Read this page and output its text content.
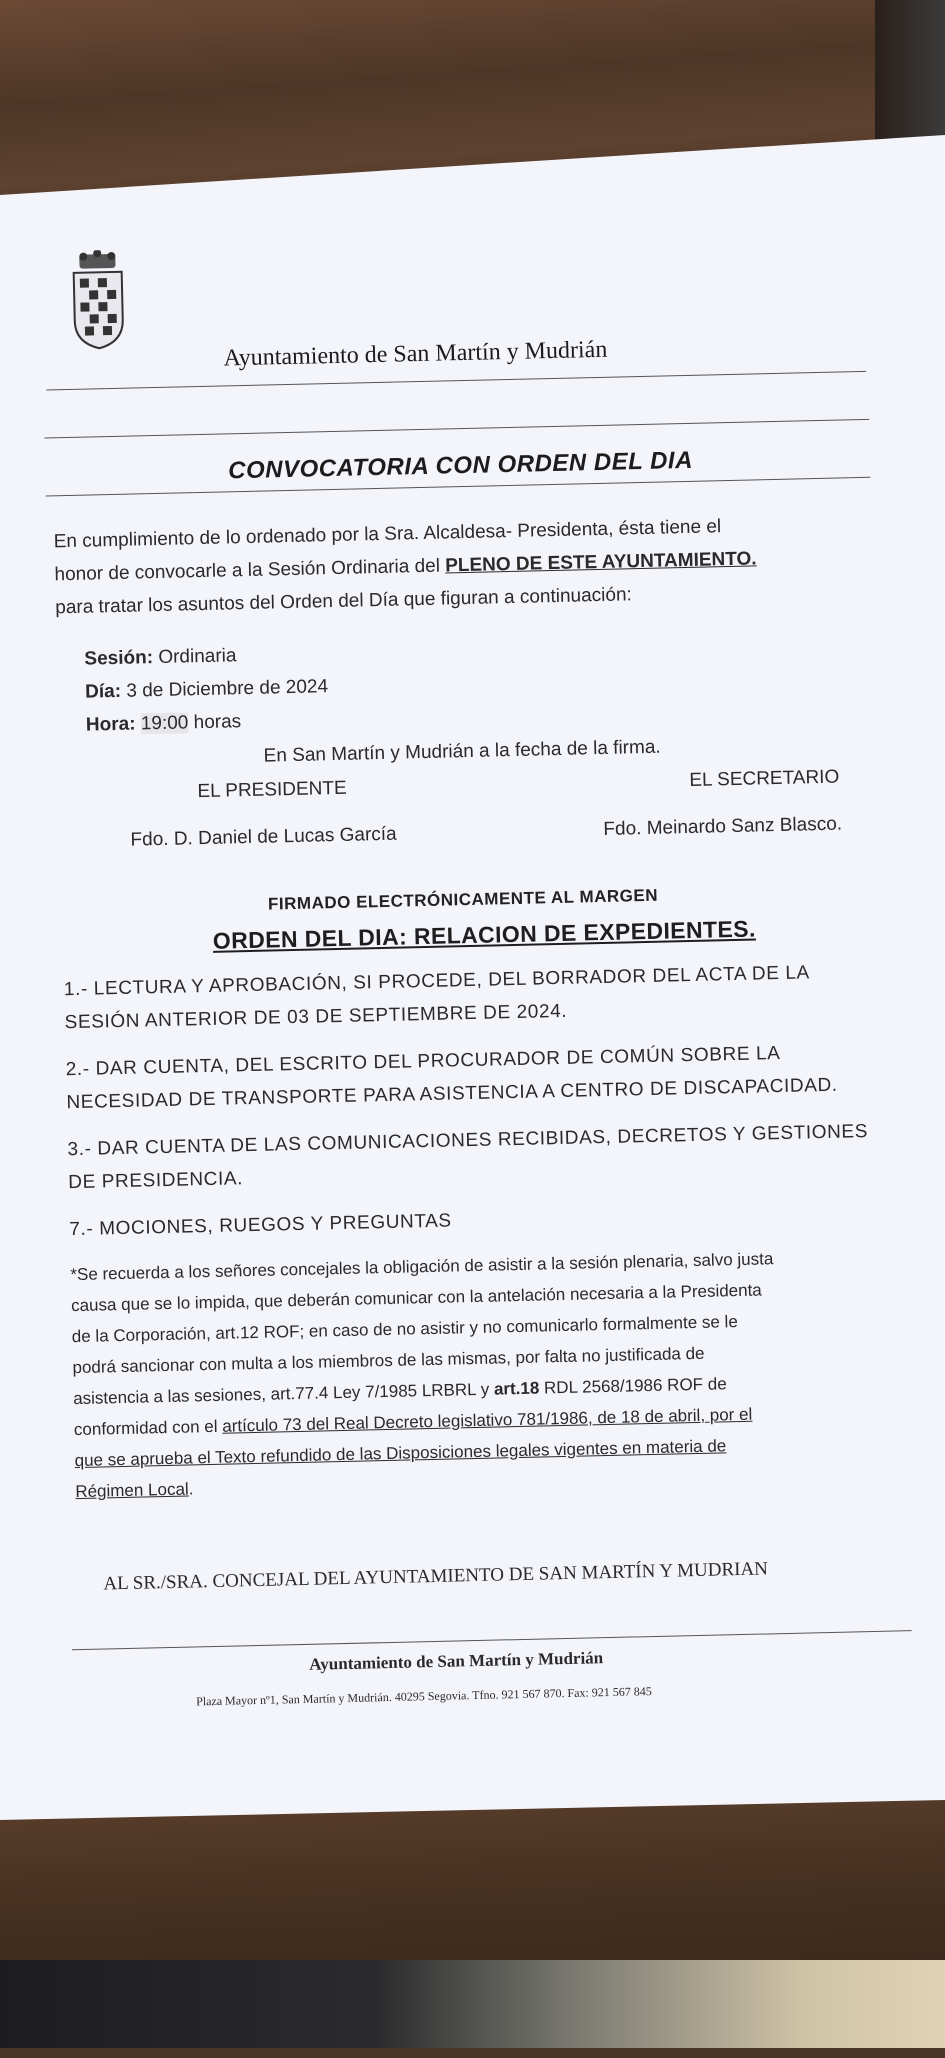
Ayuntamiento de San Martín y Mudrián
CONVOCATORIA CON ORDEN DEL DIA
En cumplimiento de lo ordenado por la Sra. Alcaldesa- Presidenta, ésta tiene el
honor de convocarle a la Sesión Ordinaria del PLENO DE ESTE AYUNTAMIENTO.
para tratar los asuntos del Orden del Día que figuran a continuación:
Sesión: Ordinaria
Día: 3 de Diciembre de 2024
Hora: 19:00 horas
En San Martín y Mudrián a la fecha de la firma.
EL PRESIDENTE	EL SECRETARIO
Fdo. D. Daniel de Lucas García	Fdo. Meinardo Sanz Blasco.
FIRMADO ELECTRÓNICAMENTE AL MARGEN
ORDEN DEL DIA: RELACION DE EXPEDIENTES.
1.- LECTURA Y APROBACIÓN, SI PROCEDE, DEL BORRADOR DEL ACTA DE LA
SESIÓN ANTERIOR DE 03 DE SEPTIEMBRE DE 2024.
2.- DAR CUENTA, DEL ESCRITO DEL PROCURADOR DE COMÚN SOBRE LA
NECESIDAD DE TRANSPORTE PARA ASISTENCIA A CENTRO DE DISCAPACIDAD.
3.- DAR CUENTA DE LAS COMUNICACIONES RECIBIDAS, DECRETOS Y GESTIONES
DE PRESIDENCIA.
7.- MOCIONES, RUEGOS Y PREGUNTAS
*Se recuerda a los señores concejales la obligación de asistir a la sesión plenaria, salvo justa
causa que se lo impida, que deberán comunicar con la antelación necesaria a la Presidenta
de la Corporación, art.12 ROF; en caso de no asistir y no comunicarlo formalmente se le
podrá sancionar con multa a los miembros de las mismas, por falta no justificada de
asistencia a las sesiones, art.77.4 Ley 7/1985 LRBRL y art.18 RDL 2568/1986 ROF de
conformidad con el artículo 73 del Real Decreto legislativo 781/1986, de 18 de abril, por el
que se aprueba el Texto refundido de las Disposiciones legales vigentes en materia de
Régimen Local.
AL SR./SRA. CONCEJAL DEL AYUNTAMIENTO DE SAN MARTÍN Y MUDRIAN
Ayuntamiento de San Martín y Mudrián
Plaza Mayor nº1, San Martín y Mudrián. 40295 Segovia. Tfno. 921 567 870. Fax: 921 567 845
